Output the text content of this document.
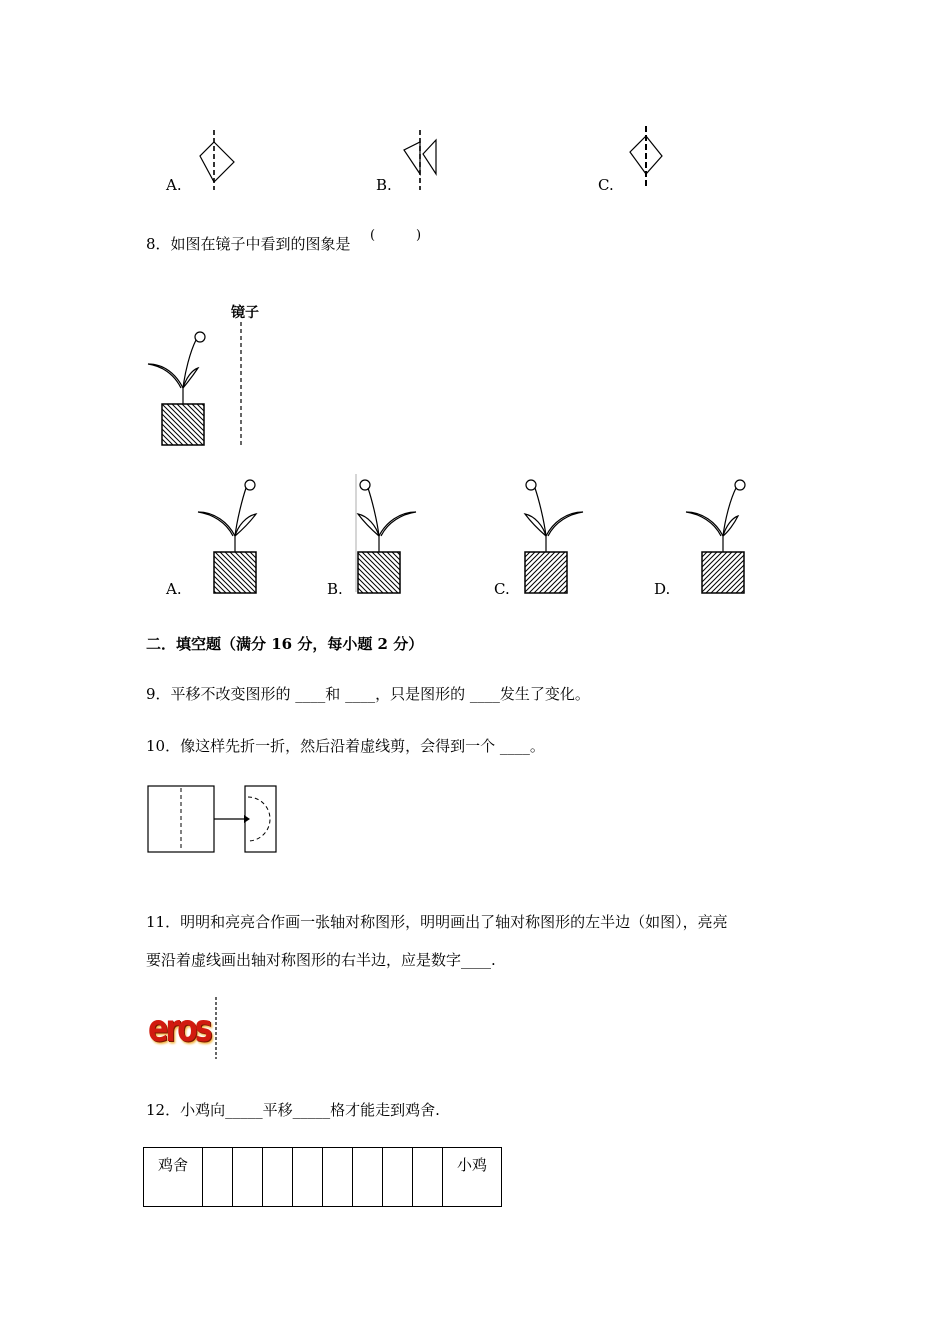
A.	B.	C.
8．如图在镜子中看到的图象是 (	)
镜子
A.	B.	C.	D.
二．填空题（满分 16 分，每小题 2 分）
9．平移不改变图形的 ____和 ____，只是图形的 ____发生了变化。
10．像这样先折一折，然后沿着虚线剪，会得到一个 ____。
11．明明和亮亮合作画一张轴对称图形，明明画出了轴对称图形的左半边（如图），亮亮
要沿着虚线画出轴对称图形的右半边，应是数字____.
eros
12．小鸡向_____平移_____格才能走到鸡舍.
鸡舍									小鸡
